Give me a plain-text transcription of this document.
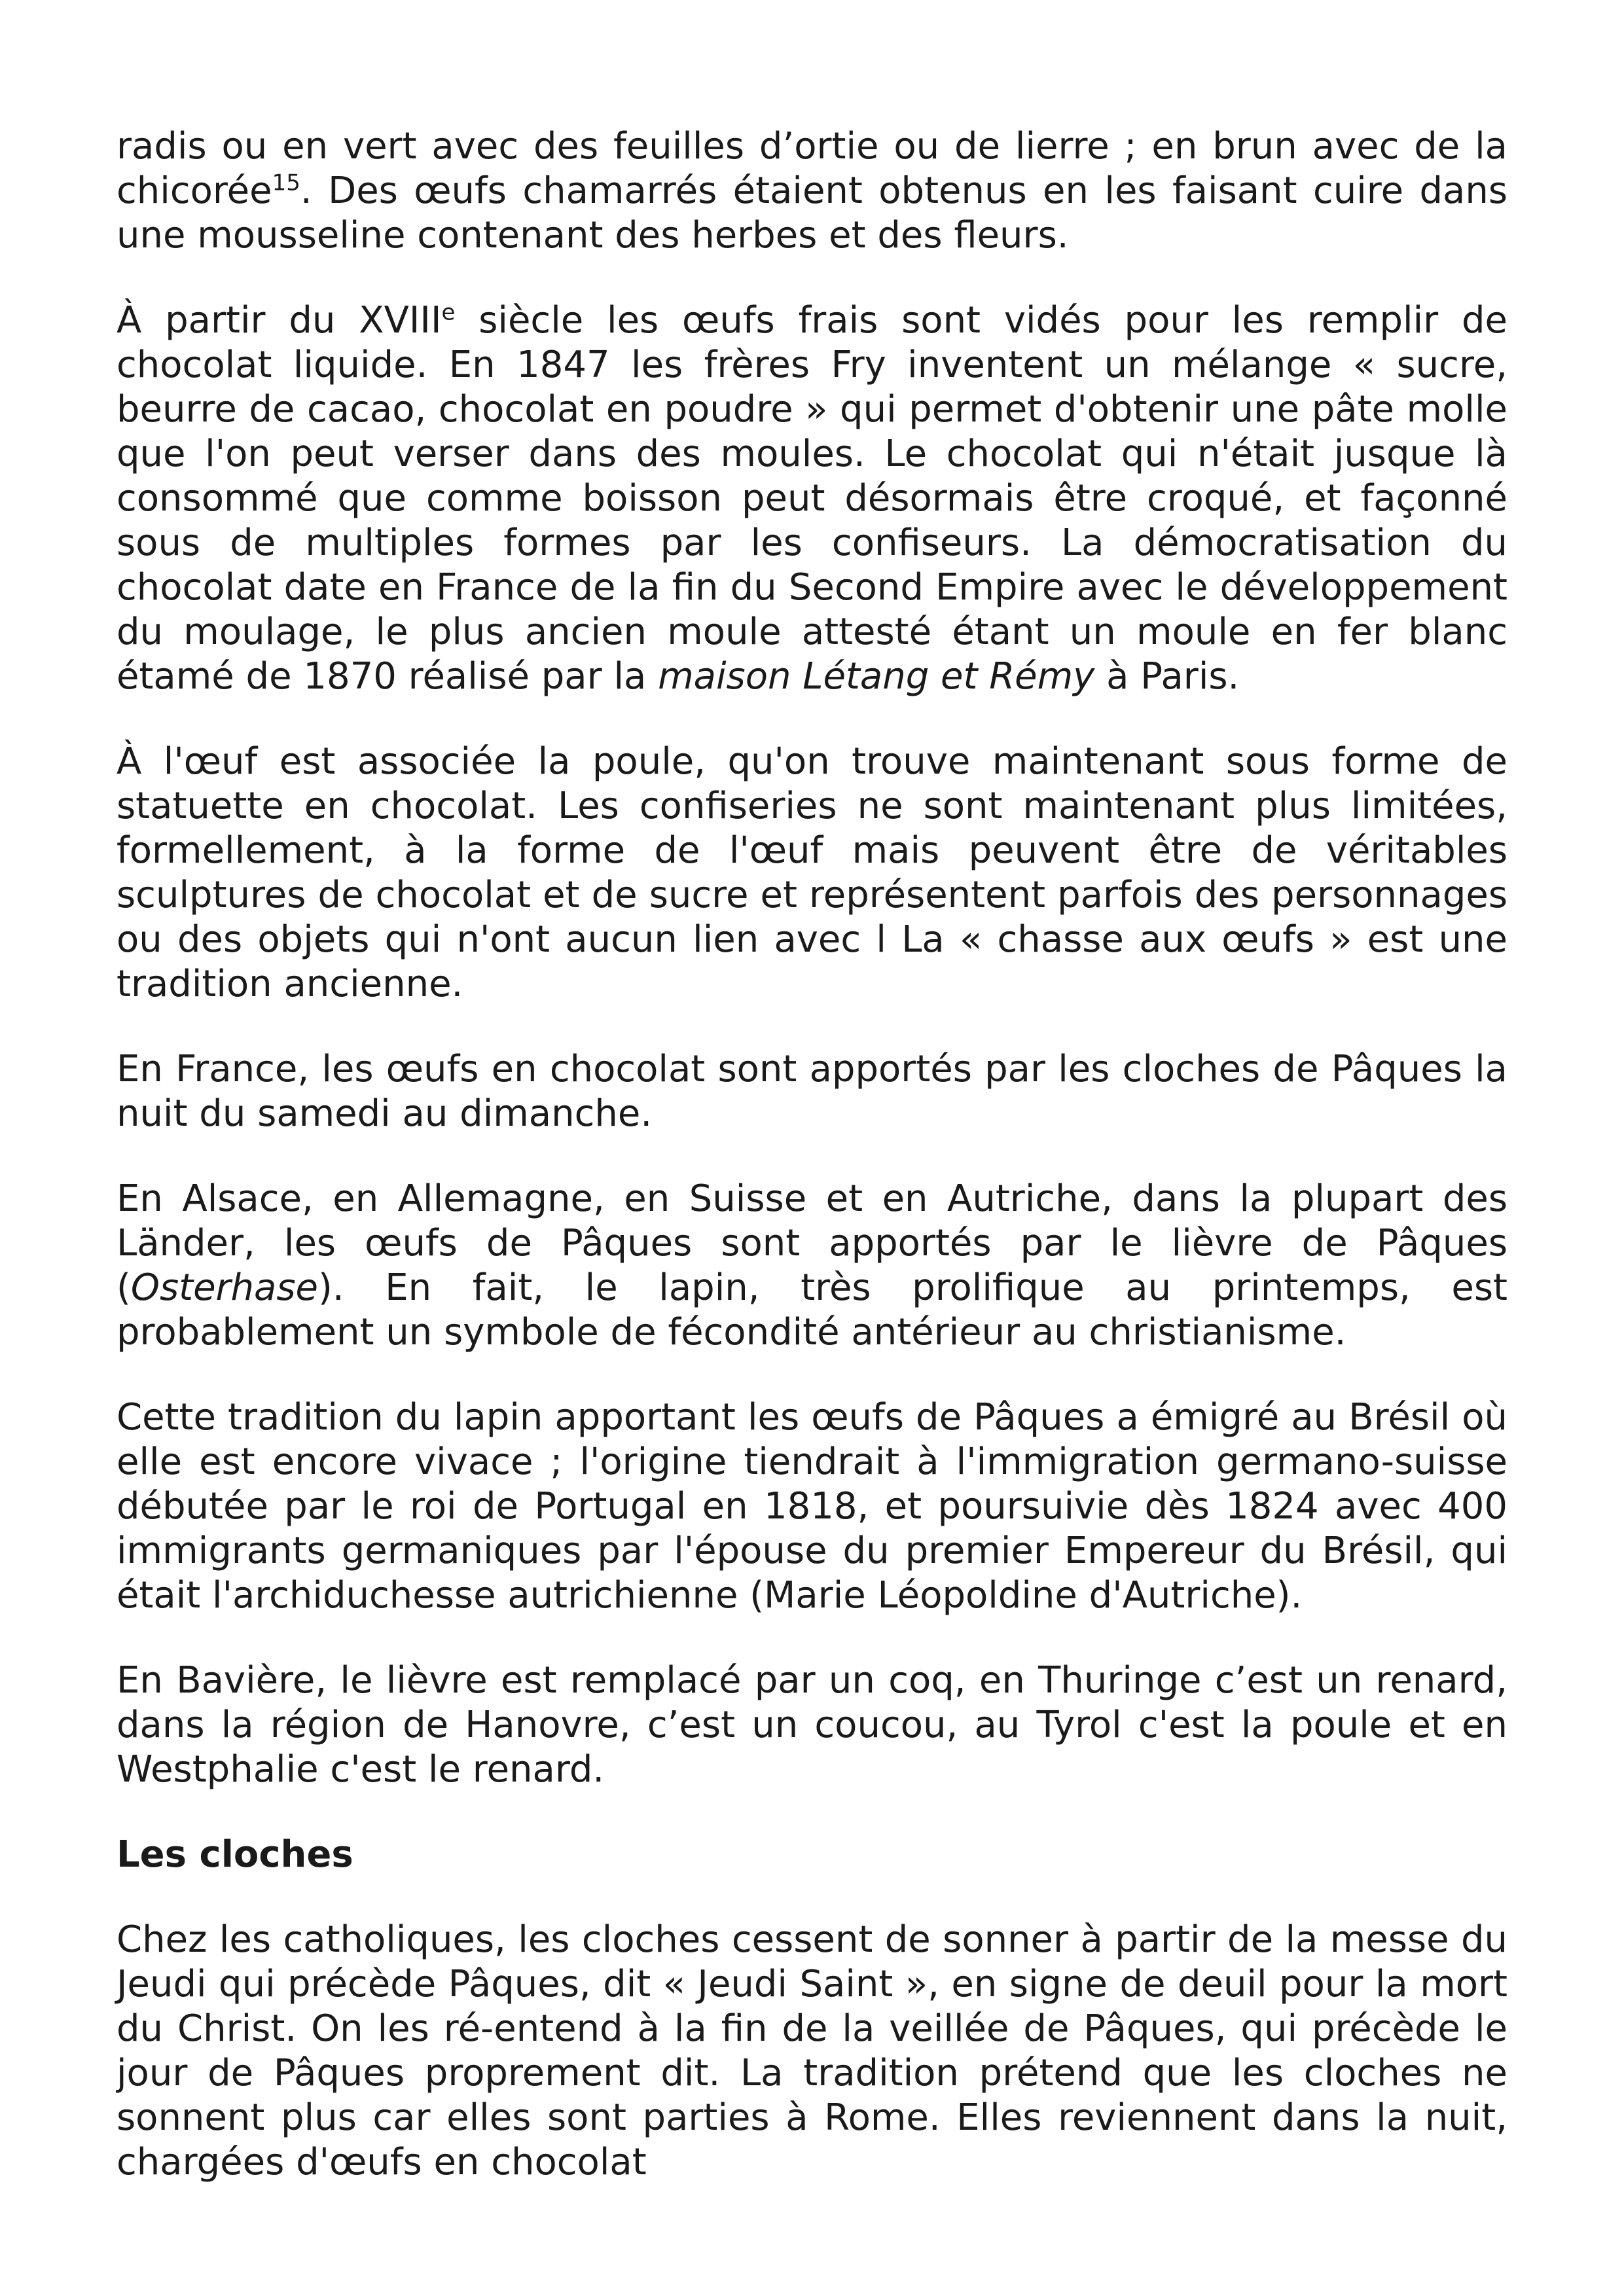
radis ou en vert avec des feuilles d’ortie ou de lierre ; en brun avec de la chicorée$^{15}$. Des œufs chamarrés étaient obtenus en les faisant cuire dans une mousseline contenant des herbes et des fleurs.

À partir du XVIIIe siècle les œufs frais sont vidés pour les remplir de chocolat liquide. En 1847 les frères Fry inventent un mélange « sucre, beurre de cacao, chocolat en poudre » qui permet d'obtenir une pâte molle que l'on peut verser dans des moules. Le chocolat qui n'était jusque là consommé que comme boisson peut désormais être croqué, et façonné sous de multiples formes par les confiseurs. La démocratisation du chocolat date en France de la fin du Second Empire avec le développement du moulage, le plus ancien moule attesté étant un moule en fer blanc étamé de 1870 réalisé par la maison Létang et Rémy à Paris.

À l'œuf est associée la poule, qu'on trouve maintenant sous forme de statuette en chocolat. Les confiseries ne sont maintenant plus limitées, formellement, à la forme de l'œuf mais peuvent être de véritables sculptures de chocolat et de sucre et représentent parfois des personnages ou des objets qui n'ont aucun lien avec l La « chasse aux œufs » est une tradition ancienne.

En France, les œufs en chocolat sont apportés par les cloches de Pâques la nuit du samedi au dimanche.

En Alsace, en Allemagne, en Suisse et en Autriche, dans la plupart des Länder, les œufs de Pâques sont apportés par le lièvre de Pâques (Osterhase). En fait, le lapin, très prolifique au printemps, est probablement un symbole de fécondité antérieur au christianisme.

Cette tradition du lapin apportant les œufs de Pâques a émigré au Brésil où elle est encore vivace ; l'origine tiendrait à l'immigration germano-suisse débutée par le roi de Portugal en 1818, et poursuivie dès 1824 avec 400 immigrants germaniques par l'épouse du premier Empereur du Brésil, qui était l'archiduchesse autrichienne (Marie Léopoldine d'Autriche).

En Bavière, le lièvre est remplacé par un coq, en Thuringe c’est un renard, dans la région de Hanovre, c’est un coucou, au Tyrol c'est la poule et en Westphalie c'est le renard.

Les cloches

Chez les catholiques, les cloches cessent de sonner à partir de la messe du Jeudi qui précède Pâques, dit « Jeudi Saint », en signe de deuil pour la mort du Christ. On les ré-entend à la fin de la veillée de Pâques, qui précède le jour de Pâques proprement dit. La tradition prétend que les cloches ne sonnent plus car elles sont parties à Rome. Elles reviennent dans la nuit, chargées d'œufs en chocolat
